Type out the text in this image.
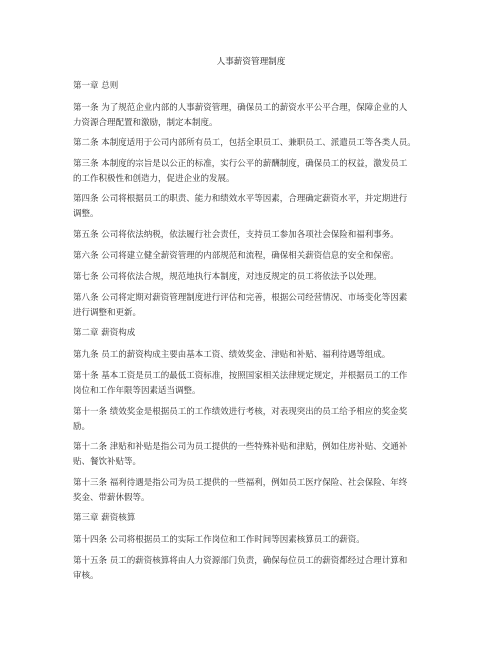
人事薪资管理制度
第一章 总则
第一条 为了规范企业内部的人事薪资管理，确保员工的薪资水平公平合理，保障企业的人
力资源合理配置和激励，制定本制度。
第二条 本制度适用于公司内部所有员工，包括全职员工、兼职员工、派遣员工等各类人员。
第三条 本制度的宗旨是以公正的标准，实行公平的薪酬制度，确保员工的权益，激发员工
的工作积极性和创造力，促进企业的发展。
第四条 公司将根据员工的职责、能力和绩效水平等因素，合理确定薪资水平，并定期进行
调整。
第五条 公司将依法纳税，依法履行社会责任，支持员工参加各项社会保险和福利事务。
第六条 公司将建立健全薪资管理的内部规范和流程，确保相关薪资信息的安全和保密。
第七条 公司将依法合规，规范地执行本制度，对违反规定的员工将依法予以处理。
第八条 公司将定期对薪资管理制度进行评估和完善，根据公司经营情况、市场变化等因素
进行调整和更新。
第二章 薪资构成
第九条 员工的薪资构成主要由基本工资、绩效奖金、津贴和补贴、福利待遇等组成。
第十条 基本工资是员工的最低工资标准，按照国家相关法律规定规定，并根据员工的工作
岗位和工作年限等因素适当调整。
第十一条 绩效奖金是根据员工的工作绩效进行考核，对表现突出的员工给予相应的奖金奖
励。
第十二条 津贴和补贴是指公司为员工提供的一些特殊补贴和津贴，例如住房补贴、交通补
贴、餐饮补贴等。
第十三条 福利待遇是指公司为员工提供的一些福利，例如员工医疗保险、社会保险、年终
奖金、带薪休假等。
第三章 薪资核算
第十四条 公司将根据员工的实际工作岗位和工作时间等因素核算员工的薪资。
第十五条 员工的薪资核算将由人力资源部门负责，确保每位员工的薪资都经过合理计算和
审核。
